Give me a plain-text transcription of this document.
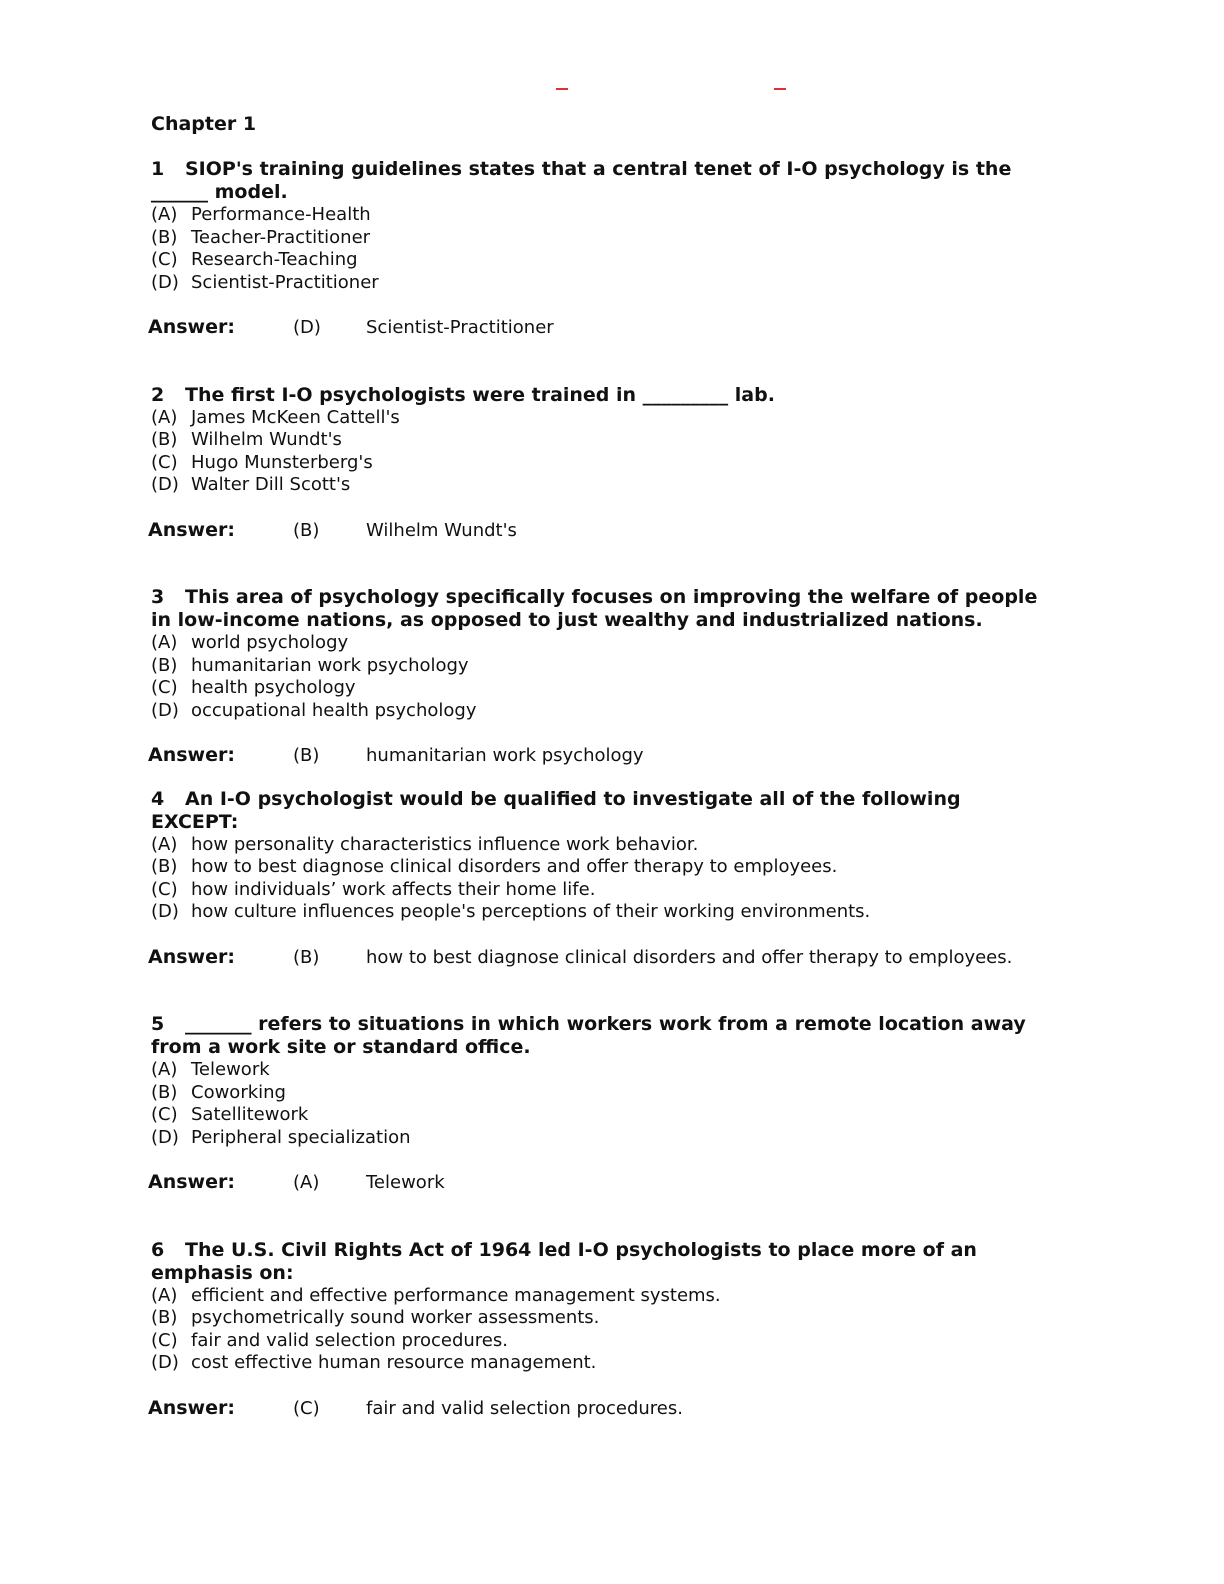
Chapter 1

1 SIOP's training guidelines states that a central tenet of I-O psychology is the ______ model.

(A) Performance-Health
(B) Teacher-Practitioner
(C) Research-Teaching
(D) Scientist-Practitioner
Answer:	(D)	Scientist-Practitioner

2 The first I-O psychologists were trained in _________ lab.

(A) James McKeen Cattell's
(B) Wilhelm Wundt's
(C) Hugo Munsterberg's
(D) Walter Dill Scott's
Answer:	(B)	Wilhelm Wundt's

3 This area of psychology specifically focuses on improving the welfare of people in low-income nations, as opposed to just wealthy and industrialized nations.

(A) world psychology
(B) humanitarian work psychology
(C) health psychology
(D) occupational health psychology
Answer:	(B)	humanitarian work psychology

4 An I-O psychologist would be qualified to investigate all of the following EXCEPT:

(A) how personality characteristics influence work behavior.
(B) how to best diagnose clinical disorders and offer therapy to employees.
(C) how individuals’ work affects their home life.
(D) how culture influences people's perceptions of their working environments.
Answer:	(B)	how to best diagnose clinical disorders and offer therapy to employees.

5 _______ refers to situations in which workers work from a remote location away from a work site or standard office.

(A) Telework
(B) Coworking
(C) Satellitework
(D) Peripheral specialization
Answer:	(A)	Telework

6 The U.S. Civil Rights Act of 1964 led I-O psychologists to place more of an emphasis on:

(A) efficient and effective performance management systems.
(B) psychometrically sound worker assessments.
(C) fair and valid selection procedures.
(D) cost effective human resource management.
Answer:	(C)	fair and valid selection procedures.
